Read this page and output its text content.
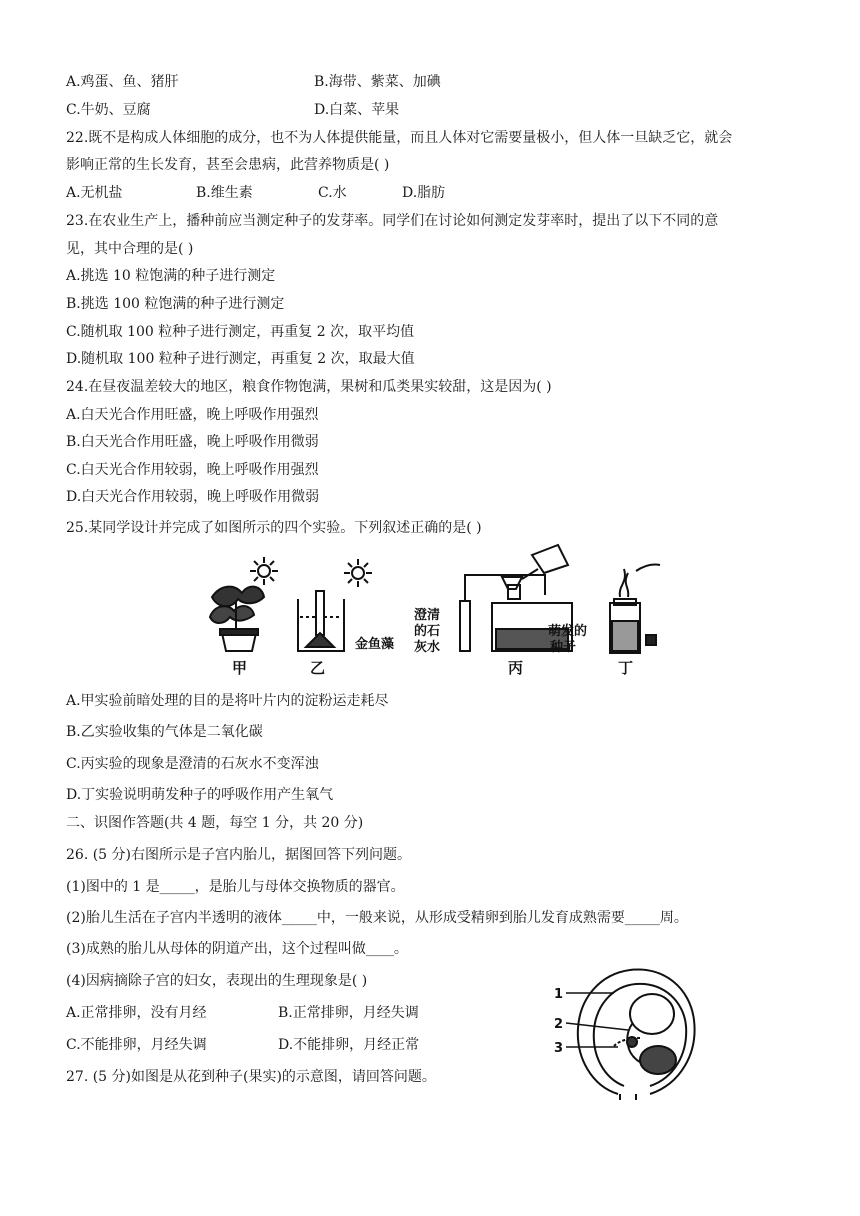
A.鸡蛋、鱼、猪肝	B.海带、紫菜、加碘
C.牛奶、豆腐	D.白菜、苹果
22.既不是构成人体细胞的成分，也不为人体提供能量，而且人体对它需要量极小，但人体一旦缺乏它，就会
影响正常的生长发育，甚至会患病，此营养物质是( )
A.无机盐	B.维生素	C.水	D.脂肪
23.在农业生产上，播种前应当测定种子的发芽率。同学们在讨论如何测定发芽率时，提出了以下不同的意
见，其中合理的是( )
A.挑选 10 粒饱满的种子进行测定
B.挑选 100 粒饱满的种子进行测定
C.随机取 100 粒种子进行测定，再重复 2 次，取平均值
D.随机取 100 粒种子进行测定，再重复 2 次，取最大值
24.在昼夜温差较大的地区，粮食作物饱满，果树和瓜类果实较甜，这是因为( )
A.白天光合作用旺盛，晚上呼吸作用强烈
B.白天光合作用旺盛，晚上呼吸作用微弱
C.白天光合作用较弱，晚上呼吸作用强烈
D.白天光合作用较弱，晚上呼吸作用微弱
25.某同学设计并完成了如图所示的四个实验。下列叙述正确的是( )
甲	乙
金鱼藻
澄清
的石
灰水
丙
萌发的
种子
丁
A.甲实验前暗处理的目的是将叶片内的淀粉运走耗尽
B.乙实验收集的气体是二氧化碳
C.丙实验的现象是澄清的石灰水不变浑浊
D.丁实验说明萌发种子的呼吸作用产生氧气
二、识图作答题(共 4 题，每空 1 分，共 20 分)
26. (5 分)右图所示是子宫内胎儿，据图回答下列问题。
(1)图中的 1 是_____，是胎儿与母体交换物质的器官。
(2)胎儿生活在子宫内半透明的液体_____中，一般来说，从形成受精卵到胎儿发育成熟需要_____周。
(3)成熟的胎儿从母体的阴道产出，这个过程叫做____。
(4)因病摘除子宫的妇女，表现出的生理现象是( )
A.正常排卵，没有月经	B.正常排卵，月经失调
C.不能排卵，月经失调	D.不能排卵，月经正常
1
2
3
27. (5 分)如图是从花到种子(果实)的示意图，请回答问题。
